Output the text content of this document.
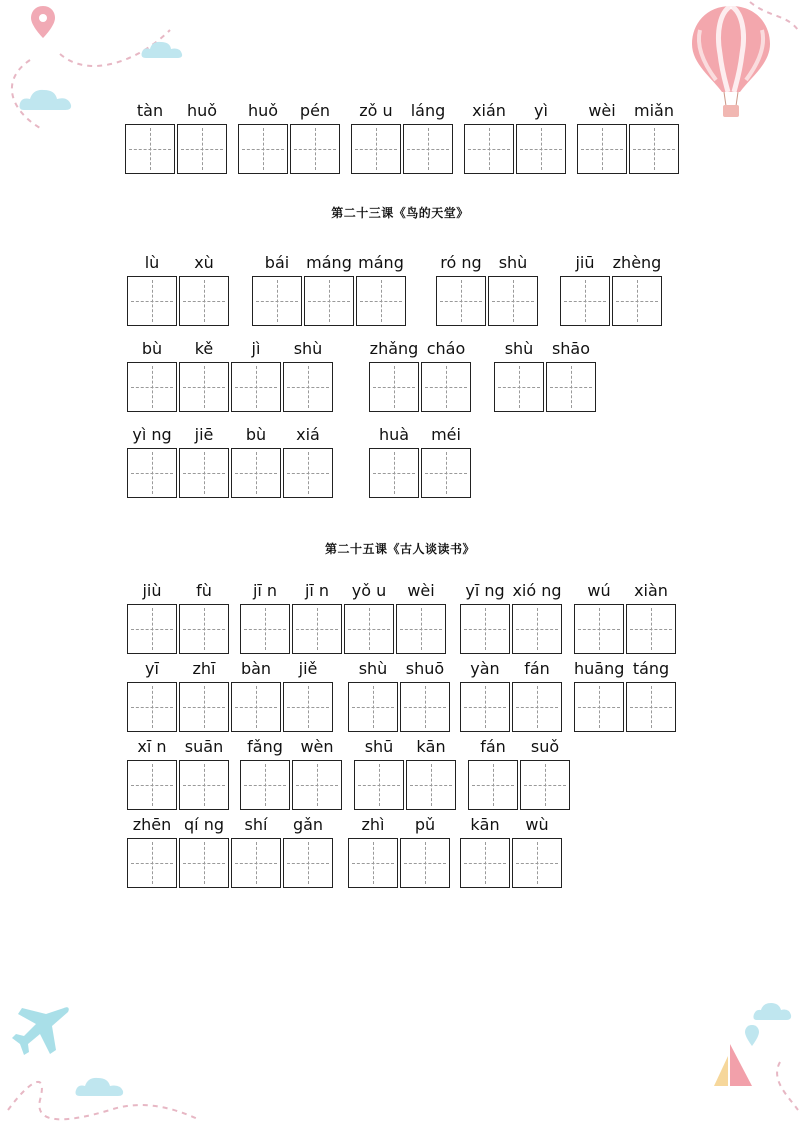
第二十三课《鸟的天堂》
第二十五课《古人谈读书》
tàn	huǒ	huǒ	pén	zǒ u	láng	xián	yì	wèi	miǎn
lù	xù	bái	máng máng ró ng	shù	jiū	zhèng
bù	kě	jì	shù	zhǎng cháo	shù	shāo
yì ng	jiē	bù	xiá	huà	méi
jiù	fù	jī n	jī n	yǒ u	wèi	yī ng xió ng	wú	xiàn
yī	zhī	bàn	jiě	shù	shuō	yàn	fán	huāng táng
xī n	suān	fǎng	wèn	shū	kān	fán	suǒ
zhēn qí ng	shí	gǎn	zhì	pǔ	kān	wù
